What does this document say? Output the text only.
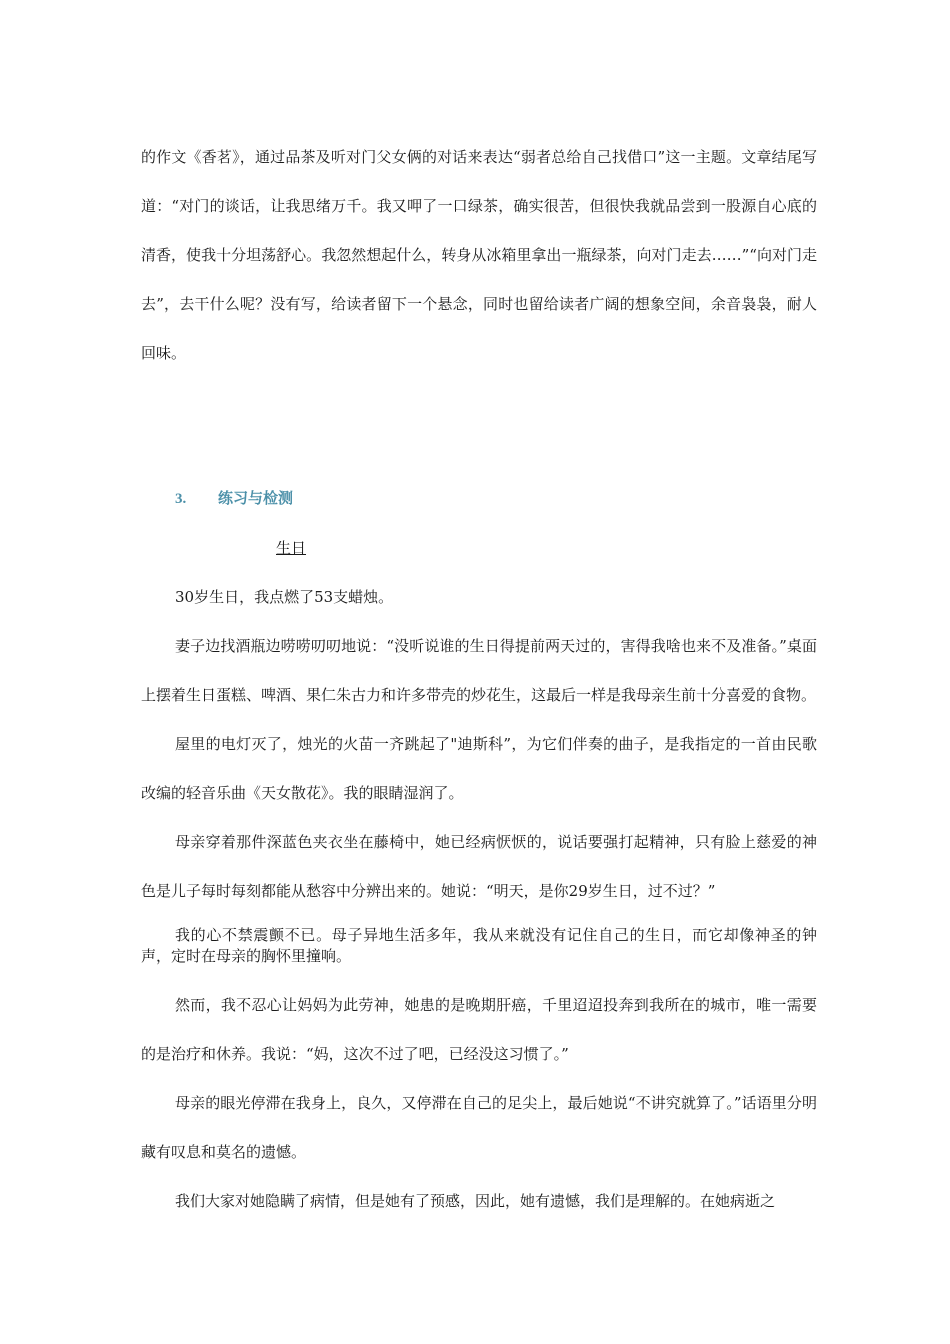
的作文《香茗》，通过品茶及听对门父女俩的对话来表达“弱者总给自己找借口”这一主题。文章结尾写道：“对门的谈话，让我思绪万千。我又呷了一口绿茶，确实很苦，但很快我就品尝到一股源自心底的清香，使我十分坦荡舒心。我忽然想起什么，转身从冰箱里拿出一瓶绿茶，向对门走去……”“向对门走去”，去干什么呢？没有写，给读者留下一个悬念，同时也留给读者广阔的想象空间，余音袅袅，耐人回味。

3. 练习与检测
生日

30岁生日，我点燃了53支蜡烛。

妻子边找酒瓶边唠唠叨叨地说：“没听说谁的生日得提前两天过的，害得我啥也来不及准备。”桌面上摆着生日蛋糕、啤酒、果仁朱古力和许多带壳的炒花生，这最后一样是我母亲生前十分喜爱的食物。

屋里的电灯灭了，烛光的火苗一齐跳起了"迪斯科”，为它们伴奏的曲子，是我指定的一首由民歌改编的轻音乐曲《天女散花》。我的眼睛湿润了。

母亲穿着那件深蓝色夹衣坐在藤椅中，她已经病恹恹的，说话要强打起精神，只有脸上慈爱的神色是儿子每时每刻都能从愁容中分辨出来的。她说：“明天，是你29岁生日，过不过？”

我的心不禁震颤不已。母子异地生活多年，我从来就没有记住自己的生日，而它却像神圣的钟声，定时在母亲的胸怀里撞响。

然而，我不忍心让妈妈为此劳神，她患的是晚期肝癌，千里迢迢投奔到我所在的城市，唯一需要的是治疗和休养。我说：“妈，这次不过了吧，已经没这习惯了。”

母亲的眼光停滞在我身上，良久，又停滞在自己的足尖上，最后她说“不讲究就算了。”话语里分明藏有叹息和莫名的遗憾。

我们大家对她隐瞒了病情，但是她有了预感，因此，她有遗憾，我们是理解的。在她病逝之
